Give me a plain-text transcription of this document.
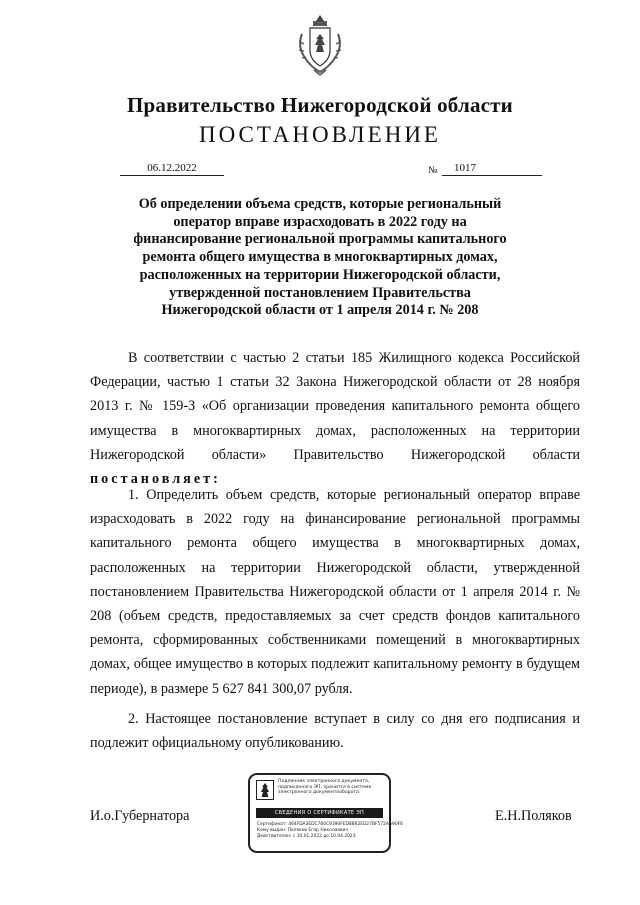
Правительство Нижегородской области
ПОСТАНОВЛЕНИЕ
06.12.2022	№	1017
Об определении объема средств, которые региональный
оператор вправе израсходовать в 2022 году на
финансирование региональной программы капитального
ремонта общего имущества в многоквартирных домах,
расположенных на территории Нижегородской области,
утвержденной постановлением Правительства
Нижегородской области от 1 апреля 2014 г. № 208

В соответствии с частью 2 статьи 185 Жилищного кодекса Российской Федерации, частью 1 статьи 32 Закона Нижегородской области от 28 ноября 2013 г. № 159-З «Об организации проведения капитального ремонта общего имущества в многоквартирных домах, расположенных на территории Нижегородской области» Правительство Нижегородской области постановляет:

1. Определить объем средств, которые региональный оператор вправе израсходовать в 2022 году на финансирование региональной программы капитального ремонта общего имущества в многоквартирных домах, расположенных на территории Нижегородской области, утвержденной постановлением Правительства Нижегородской области от 1 апреля 2014 г. № 208 (объем средств, предоставляемых за счет средств фондов капитального ремонта, сформированных собственниками помещений в многоквартирных домах, общее имущество в которых подлежит капитальному ремонту в будущем периоде), в размере 5 627 841 300,07 рубля.

2. Настоящее постановление вступает в силу со дня его подписания и подлежит официальному опубликованию.

И.о.Губернатора	Е.Н.Поляков
Подлинник электронного документа, подписанного ЭП, хранится в системе электронного документооборота
СВЕДЕНИЯ О СЕРТИФИКАТЕ ЭП
Сертификат: 464FDA3EDC760C9390FED8B62ED27BF572AA90F6
Кому выдан: Поляков Егор Николаевич
Действителен: с 10.01.2022 до 10.04.2023
